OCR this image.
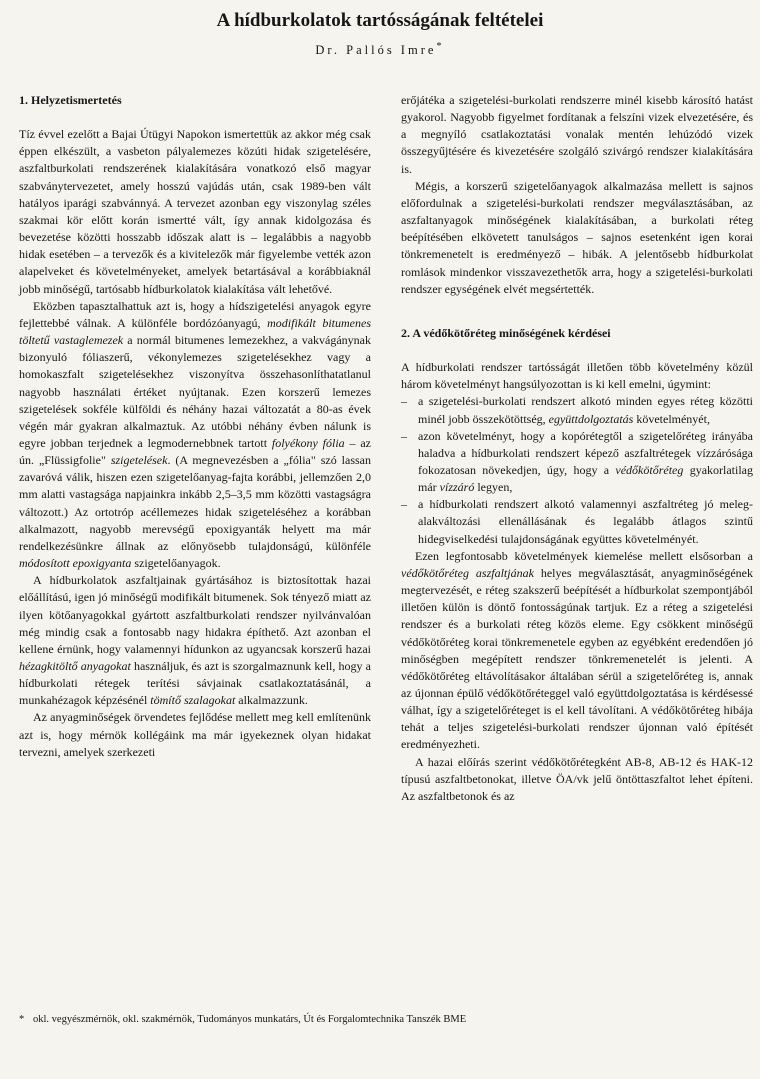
A hídburkolatok tartósságának feltételei
Dr. Pallós Imre*
1. Helyzetismertetés

Tíz évvel ezelőtt a Bajai Útügyi Napokon ismertettük az akkor még csak éppen elkészült, a vasbeton pályalemezes közúti hidak szigetelésére, aszfaltburkolati rendszerének kialakítására vonatkozó első magyar szabványtervezetet, amely hosszú vajúdás után, csak 1989-ben vált hatályos iparági szabvánnyá. A tervezet azonban egy viszonylag széles szakmai kör előtt korán ismertté vált, így annak kidolgozása és bevezetése közötti hosszabb időszak alatt is – legalábbis a nagyobb hidak esetében – a tervezők és a kivitelezők már figyelembe vették azon alapelveket és követelményeket, amelyek betartásával a korábbiaknál jobb minőségű, tartósabb hídburkolatok kialakítása vált lehetővé.

Eközben tapasztalhattuk azt is, hogy a hídszigetelési anyagok egyre fejlettebbé válnak. A különféle bordózóanyagú, modifikált bitumenes töltetű vastaglemezek a normál bitumenes lemezekhez, a vakvágánynak bizonyuló fóliaszerű, vékonylemezes szigetelésekhez vagy a homokaszfalt szigetelésekhez viszonyítva összehasonlíthatatlanul nagyobb használati értéket nyújtanak. Ezen korszerű lemezes szigetelések sokféle külföldi és néhány hazai változatát a 80-as évek végén már gyakran alkalmaztuk. Az utóbbi néhány évben nálunk is egyre jobban terjednek a legmodernebbnek tartott folyékony fólia – az ún. „Flüssigfolie" szigetelések. (A megnevezésben a „fólia" szó lassan zavaróvá válik, hiszen ezen szigetelőanyag-fajta korábbi, jellemzően 2,0 mm alatti vastagsága napjainkra inkább 2,5–3,5 mm közötti vastagságra változott.) Az ortotróp acéllemezes hidak szigeteléséhez a korábban alkalmazott, nagyobb merevségű epoxigyanták helyett ma már rendelkezésünkre állnak az előnyösebb tulajdonságú, különféle módosított epoxigyanta szigetelőanyagok.

A hídburkolatok aszfaltjainak gyártásához is biztosítottak hazai előállítású, igen jó minőségű modifikált bitumenek. Sok tényező miatt az ilyen kötőanyagokkal gyártott aszfaltburkolati rendszer nyilvánvalóan még mindig csak a fontosabb nagy hidakra építhető. Azt azonban el kellene érnünk, hogy valamennyi hídunkon az ugyancsak korszerű hazai hézagkitöltő anyagokat használjuk, és azt is szorgalmaznunk kell, hogy a hídburkolati rétegek terítési sávjainak csatlakoztatásánál, a munkahézagok képzésénél tömítő szalagokat alkalmazzunk.

Az anyagminőségek örvendetes fejlődése mellett meg kell említenünk azt is, hogy mérnök kollégáink ma már igyekeznek olyan hidakat tervezni, amelyek szerkezeti

erőjátéka a szigetelési-burkolati rendszerre minél kisebb károsító hatást gyakorol. Nagyobb figyelmet fordítanak a felszíni vizek elvezetésére, és a megnyíló csatlakoztatási vonalak mentén lehúzódó vizek összegyűjtésére és kivezetésére szolgáló szivárgó rendszer kialakítására is.

Mégis, a korszerű szigetelőanyagok alkalmazása mellett is sajnos előfordulnak a szigetelési-burkolati rendszer megválasztásában, az aszfaltanyagok minőségének kialakításában, a burkolati réteg beépítésében elkövetett tanulságos – sajnos esetenként igen korai tönkremenetelt is eredményező – hibák. A jelentősebb hídburkolat romlások mindenkor visszavezethetők arra, hogy a szigetelési-burkolati rendszer egységének elvét megsértették.

2. A védőkötőréteg minőségének kérdései

A hídburkolati rendszer tartósságát illetően több követelmény közül három követelményt hangsúlyozottan is ki kell emelni, úgymint:

– a szigetelési-burkolati rendszert alkotó minden egyes réteg közötti minél jobb összekötöttség, együttdolgoztatás követelményét,
– azon követelményt, hogy a kopórétegtől a szigetelőréteg irányába haladva a hídburkolati rendszert képező aszfaltrétegek vízzárósága fokozatosan növekedjen, úgy, hogy a védőkötőréteg gyakorlatilag már vízzáró legyen,
– a hídburkolati rendszert alkotó valamennyi aszfaltréteg jó meleg-alakváltozási ellenállásának és legalább átlagos szintű hidegviselkedési tulajdonságának együttes követelményét.

Ezen legfontosabb követelmények kiemelése mellett elsősorban a védőkötőréteg aszfaltjának helyes megválasztását, anyagminőségének megtervezését, e réteg szakszerű beépítését a hídburkolat szempontjából illetően külön is döntő fontosságúnak tartjuk. Ez a réteg a szigetelési rendszer és a burkolati réteg közös eleme. Egy csökkent minőségű védőkötőréteg korai tönkremenetele egyben az egyébként eredendően jó minőségben megépített rendszer tönkremenetelét is jelenti. A védőkötőréteg eltávolításakor általában sérül a szigetelőréteg is, annak az újonnan épülő védőkötőréteggel való együttdolgoztatása is kérdésessé válhat, így a szigetelőréteget is el kell távolítani. A védőkötőréteg hibája tehát a teljes szigetelési-burkolati rendszer újonnan való építését eredményezheti.

A hazai előírás szerint védőkötőrétegként AB-8, AB-12 és HAK-12 típusú aszfaltbetonokat, illetve ÖA/vk jelű öntöttaszfaltot lehet építeni. Az aszfaltbetonok és az

* okl. vegyészmérnök, okl. szakmérnök, Tudományos munkatárs, Út és Forgalomtechnika Tanszék BME
